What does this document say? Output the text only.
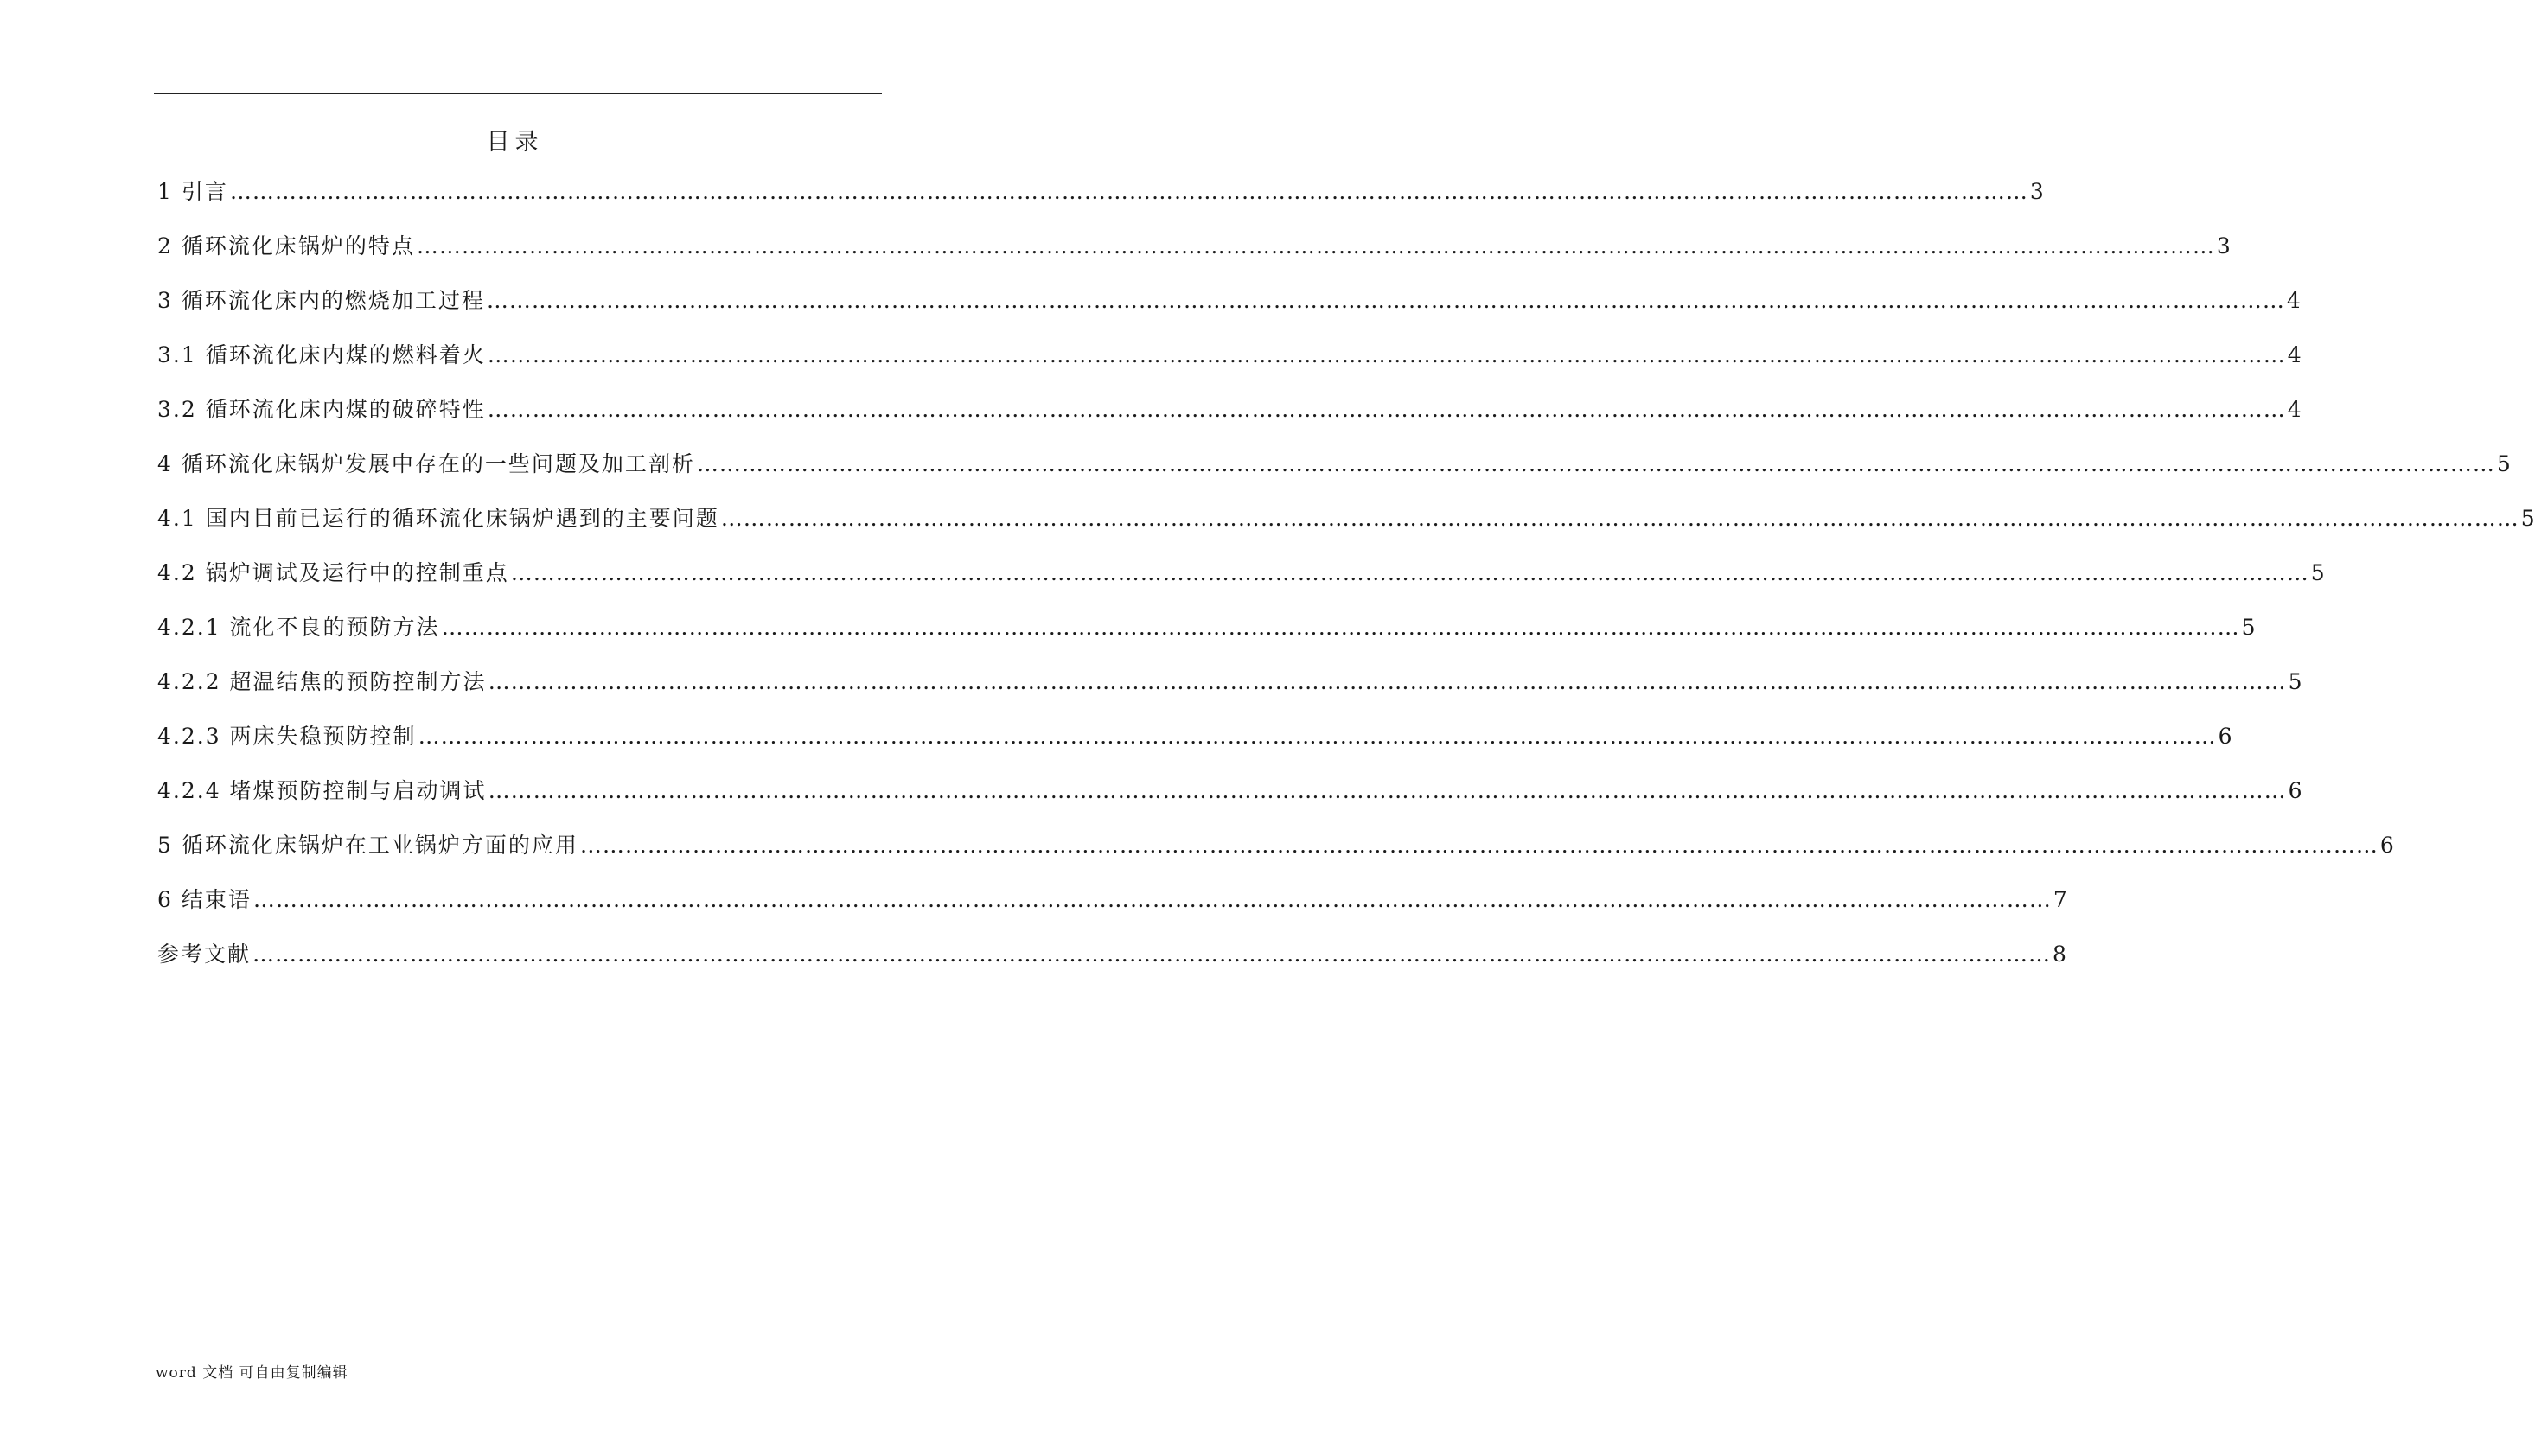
目录
1 引言 …………………………………………………………………………………………………………………………………………………………………………………………………………………… 3
2 循环流化床锅炉的特点 …………………………………………………………………………………………………………………………………………………………………………………………………………………… 3
3 循环流化床内的燃烧加工过程 …………………………………………………………………………………………………………………………………………………………………………………………………………………… 4
3.1 循环流化床内煤的燃料着火 …………………………………………………………………………………………………………………………………………………………………………………………………………………… 4
3.2 循环流化床内煤的破碎特性 …………………………………………………………………………………………………………………………………………………………………………………………………………………… 4
4 循环流化床锅炉发展中存在的一些问题及加工剖析 …………………………………………………………………………………………………………………………………………………………………………………………………………………… 5
4.1 国内目前已运行的循环流化床锅炉遇到的主要问题 …………………………………………………………………………………………………………………………………………………………………………………………………………………… 5
4.2 锅炉调试及运行中的控制重点 …………………………………………………………………………………………………………………………………………………………………………………………………………………… 5
4.2.1 流化不良的预防方法 …………………………………………………………………………………………………………………………………………………………………………………………………………………… 5
4.2.2 超温结焦的预防控制方法 …………………………………………………………………………………………………………………………………………………………………………………………………………………… 5
4.2.3 两床失稳预防控制 …………………………………………………………………………………………………………………………………………………………………………………………………………………… 6
4.2.4 堵煤预防控制与启动调试 …………………………………………………………………………………………………………………………………………………………………………………………………………………… 6
5 循环流化床锅炉在工业锅炉方面的应用 …………………………………………………………………………………………………………………………………………………………………………………………………………………… 6
6 结束语 …………………………………………………………………………………………………………………………………………………………………………………………………………………… 7
参考文献 …………………………………………………………………………………………………………………………………………………………………………………………………………………… 8
word 文档 可自由复制编辑
